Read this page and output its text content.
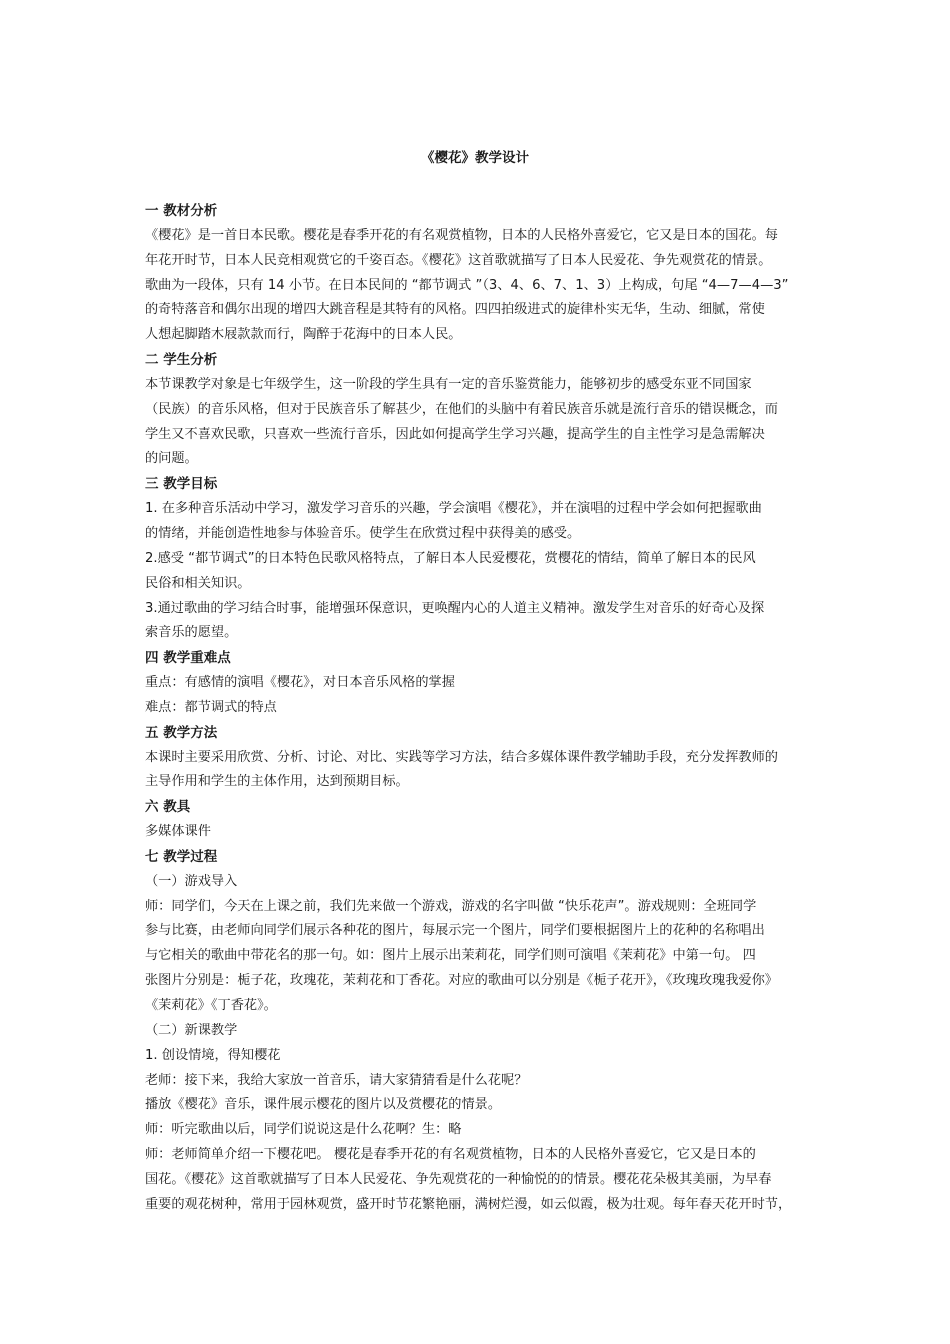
《樱花》教学设计
一 教材分析
《樱花》是一首日本民歌。樱花是春季开花的有名观赏植物，日本的人民格外喜爱它，它又是日本的国花。每
年花开时节，日本人民竞相观赏它的千姿百态。《樱花》这首歌就描写了日本人民爱花、争先观赏花的情景。
歌曲为一段体，只有 14 小节。在日本民间的 “都节调式 ”（3、4、6、7、1、3）上构成，句尾 “4—7—4—3”
的奇特落音和偶尔出现的增四大跳音程是其特有的风格。四四拍级进式的旋律朴实无华，生动、细腻，常使
人想起脚踏木屐款款而行，陶醉于花海中的日本人民。
二 学生分析
本节课教学对象是七年级学生，这一阶段的学生具有一定的音乐鉴赏能力，能够初步的感受东亚不同国家
（民族）的音乐风格，但对于民族音乐了解甚少，在他们的头脑中有着民族音乐就是流行音乐的错误概念，而
学生又不喜欢民歌，只喜欢一些流行音乐，因此如何提高学生学习兴趣，提高学生的自主性学习是急需解决
的问题。
三 教学目标
1. 在多种音乐活动中学习，激发学习音乐的兴趣，学会演唱《樱花》，并在演唱的过程中学会如何把握歌曲
的情绪，并能创造性地参与体验音乐。使学生在欣赏过程中获得美的感受。
2.感受 “都节调式”的日本特色民歌风格特点，了解日本人民爱樱花，赏樱花的情结，简单了解日本的民风
民俗和相关知识。
3.通过歌曲的学习结合时事，能增强环保意识，更唤醒内心的人道主义精神。激发学生对音乐的好奇心及探
索音乐的愿望。
四 教学重难点
重点：有感情的演唱《樱花》，对日本音乐风格的掌握
难点：都节调式的特点
五 教学方法
本课时主要采用欣赏、分析、讨论、对比、实践等学习方法，结合多媒体课件教学辅助手段，充分发挥教师的
主导作用和学生的主体作用，达到预期目标。
六 教具
多媒体课件
七 教学过程
（一）游戏导入
师：同学们，今天在上课之前，我们先来做一个游戏，游戏的名字叫做 “快乐花声”。游戏规则：全班同学
参与比赛，由老师向同学们展示各种花的图片，每展示完一个图片，同学们要根据图片上的花种的名称唱出
与它相关的歌曲中带花名的那一句。如：图片上展示出茉莉花，同学们则可演唱《茉莉花》中第一句。 四
张图片分别是：栀子花，玫瑰花，茉莉花和丁香花。对应的歌曲可以分别是《栀子花开》，《玫瑰玫瑰我爱你》
《茉莉花》《丁香花》。
（二）新课教学
1. 创设情境，得知樱花
老师：接下来，我给大家放一首音乐，请大家猜猜看是什么花呢？
播放《樱花》音乐，课件展示樱花的图片以及赏樱花的情景。
师：听完歌曲以后，同学们说说这是什么花啊？生：略
师：老师简单介绍一下樱花吧。 樱花是春季开花的有名观赏植物，日本的人民格外喜爱它，它又是日本的
国花。《樱花》这首歌就描写了日本人民爱花、争先观赏花的一种愉悦的的情景。樱花花朵极其美丽，为早春
重要的观花树种，常用于园林观赏，盛开时节花繁艳丽，满树烂漫，如云似霞，极为壮观。每年春天花开时节，
